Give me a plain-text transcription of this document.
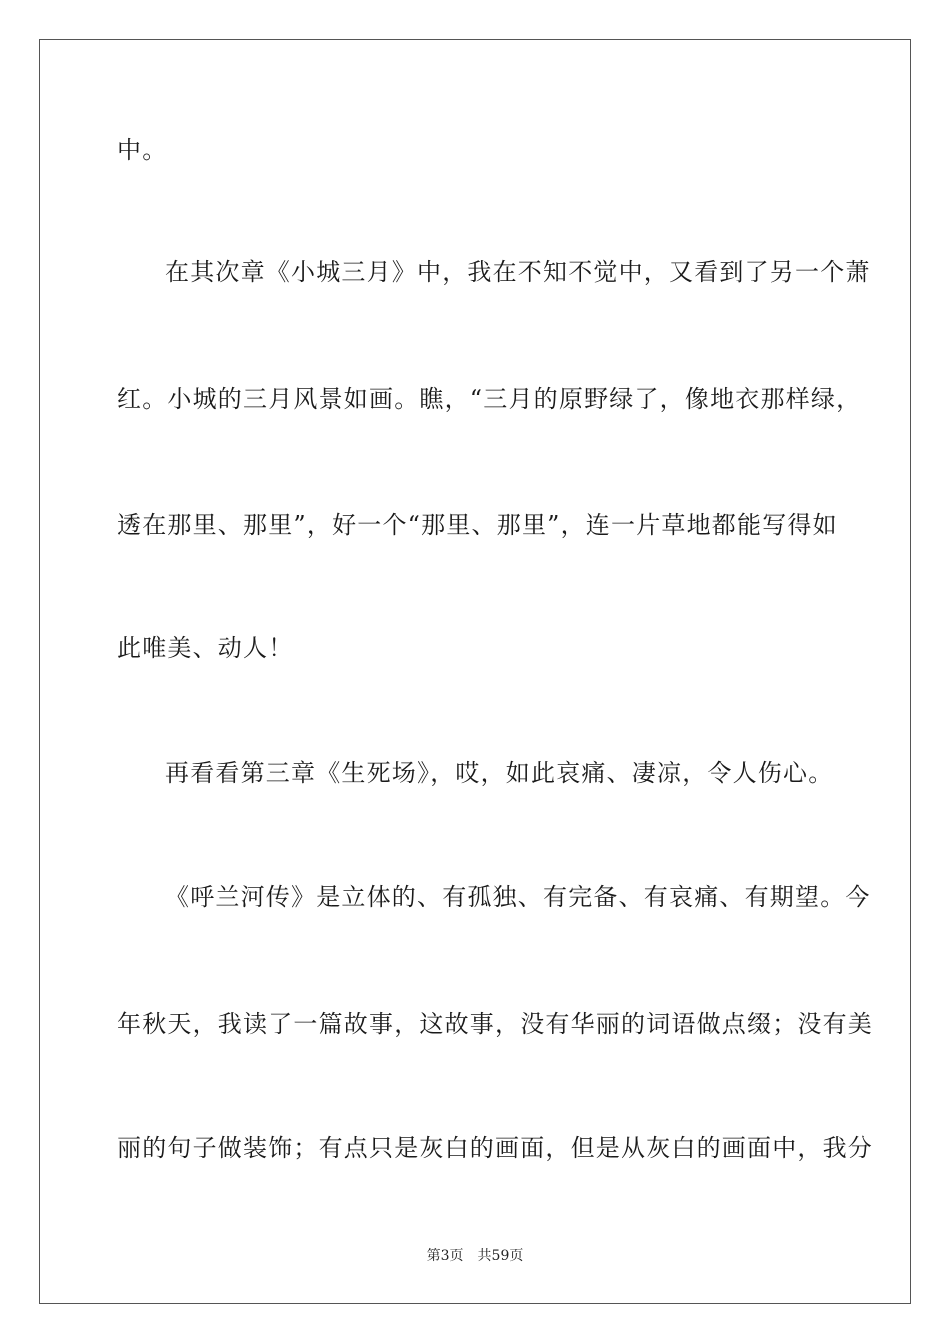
中。
在其次章《小城三月》中，我在不知不觉中，又看到了另一个萧
红。小城的三月风景如画。瞧，“三月的原野绿了，像地衣那样绿，
透在那里、那里”，好一个“那里、那里”，连一片草地都能写得如
此唯美、动人！
再看看第三章《生死场》，哎，如此哀痛、凄凉，令人伤心。
《呼兰河传》是立体的、有孤独、有完备、有哀痛、有期望。今
年秋天，我读了一篇故事，这故事，没有华丽的词语做点缀；没有美
丽的句子做装饰；有点只是灰白的画面，但是从灰白的画面中，我分
第3页 共59页
